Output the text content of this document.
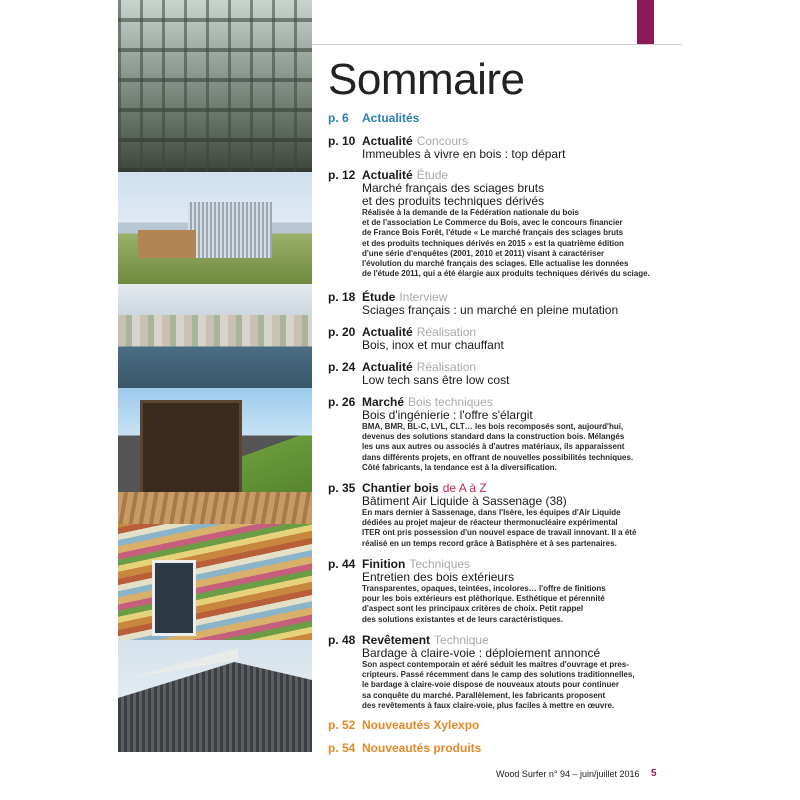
Sommaire
p. 6 Actualités
p. 10 Actualité Concours
Immeubles à vivre en bois : top départ
p. 12 Actualité Étude
Marché français des sciages bruts
et des produits techniques dérivés
Réalisée à la demande de la Fédération nationale du bois
et de l'association Le Commerce du Bois, avec le concours financier
de France Bois Forêt, l'étude « Le marché français des sciages bruts
et des produits techniques dérivés en 2015 » est la quatrième édition
d'une série d'enquêtes (2001, 2010 et 2011) visant à caractériser
l'évolution du marché français des sciages. Elle actualise les données
de l'étude 2011, qui a été élargie aux produits techniques dérivés du sciage.
p. 18 Étude Interview
Sciages français : un marché en pleine mutation
p. 20 Actualité Réalisation
Bois, inox et mur chauffant
p. 24 Actualité Réalisation
Low tech sans être low cost
p. 26 Marché Bois techniques
Bois d'ingénierie : l'offre s'élargit
BMA, BMR, BL-C, LVL, CLT… les bois recomposés sont, aujourd'hui,
devenus des solutions standard dans la construction bois. Mélangés
les uns aux autres ou associés à d'autres matériaux, ils apparaissent
dans différents projets, en offrant de nouvelles possibilités techniques.
Côté fabricants, la tendance est à la diversification.
p. 35 Chantier bois de A à Z
Bâtiment Air Liquide à Sassenage (38)
En mars dernier à Sassenage, dans l'Isère, les équipes d'Air Liquide
dédiées au projet majeur de réacteur thermonucléaire expérimental
ITER ont pris possession d'un nouvel espace de travail innovant. Il a été
réalisé en un temps record grâce à Batisphère et à ses partenaires.
p. 44 Finition Techniques
Entretien des bois extérieurs
Transparentes, opaques, teintées, incolores… l'offre de finitions
pour les bois extérieurs est pléthorique. Esthétique et pérennité
d'aspect sont les principaux critères de choix. Petit rappel
des solutions existantes et de leurs caractéristiques.
p. 48 Revêtement Technique
Bardage à claire-voie : déploiement annoncé
Son aspect contemporain et aéré séduit les maîtres d'ouvrage et pres-
cripteurs. Passé récemment dans le camp des solutions traditionnelles,
le bardage à claire-voie dispose de nouveaux atouts pour continuer
sa conquête du marché. Parallèlement, les fabricants proposent
des revêtements à faux claire-voie, plus faciles à mettre en œuvre.
p. 52 Nouveautés Xylexpo
p. 54 Nouveautés produits
Wood Surfer n° 94 – juin/juillet 2016 5
